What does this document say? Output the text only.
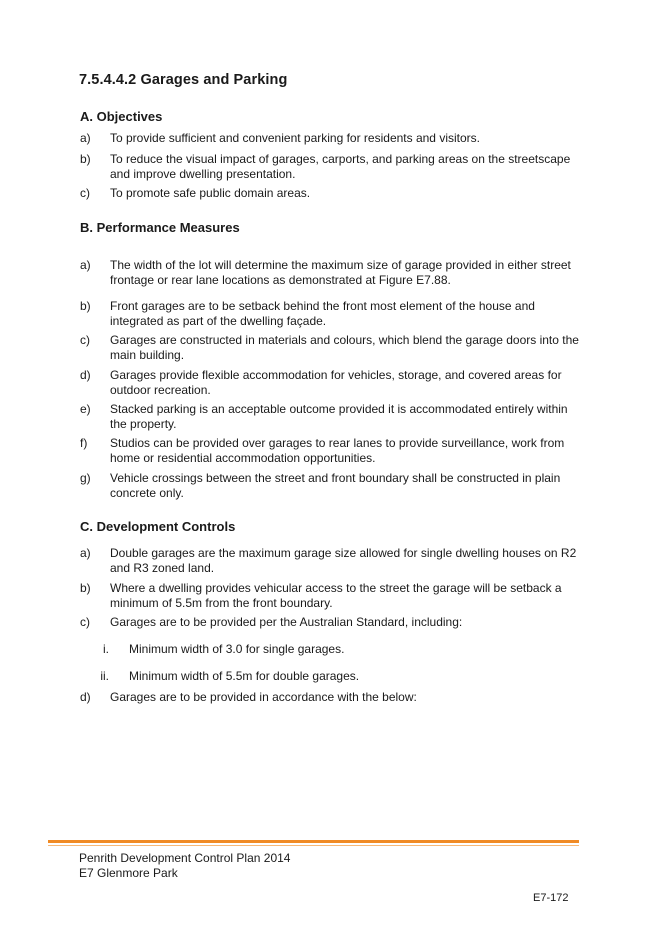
7.5.4.4.2 Garages and Parking
A. Objectives
a) To provide sufficient and convenient parking for residents and visitors.
b) To reduce the visual impact of garages, carports, and parking areas on the streetscape and improve dwelling presentation.
c) To promote safe public domain areas.
B. Performance Measures
a) The width of the lot will determine the maximum size of garage provided in either street frontage or rear lane locations as demonstrated at Figure E7.88.
b) Front garages are to be setback behind the front most element of the house and integrated as part of the dwelling façade.
c) Garages are constructed in materials and colours, which blend the garage doors into the main building.
d) Garages provide flexible accommodation for vehicles, storage, and covered areas for outdoor recreation.
e) Stacked parking is an acceptable outcome provided it is accommodated entirely within the property.
f) Studios can be provided over garages to rear lanes to provide surveillance, work from home or residential accommodation opportunities.
g) Vehicle crossings between the street and front boundary shall be constructed in plain concrete only.
C. Development Controls
a) Double garages are the maximum garage size allowed for single dwelling houses on R2 and R3 zoned land.
b) Where a dwelling provides vehicular access to the street the garage will be setback a minimum of 5.5m from the front boundary.
c) Garages are to be provided per the Australian Standard, including:
i. Minimum width of 3.0 for single garages.
ii. Minimum width of 5.5m for double garages.
d) Garages are to be provided in accordance with the below:
Penrith Development Control Plan 2014
E7 Glenmore Park
E7-172
